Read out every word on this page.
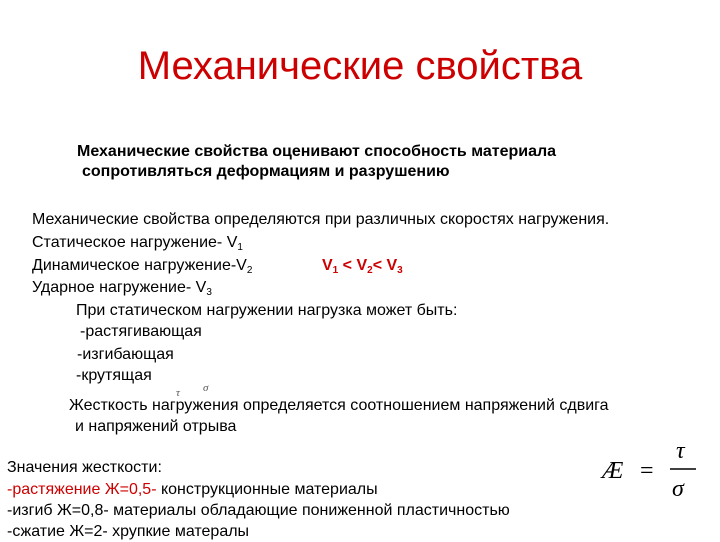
Механические свойства
Механические свойства оценивают способность материала
сопротивляться деформациям и разрушению
Механические свойства определяются при различных скоростях нагружения.
Статическое нагружение- $V_1$
Динамическое нагружение-$V_2$	$V_1 < V_2< V_3$
Ударное нагружение- $V_3$
При статическом нагружении нагрузка может быть:
-растягивающая
-изгибающая
-крутящая
τ σ
Жесткость нагружения определяется соотношением напряжений сдвига
и напряжений отрыва
Значения жесткости:
-растяжение Ж=0,5- конструкционные материалы
-изгиб Ж=0,8- материалы обладающие пониженной пластичностью
-сжатие Ж=2- хрупкие матералы
Æ =
τ
σ
